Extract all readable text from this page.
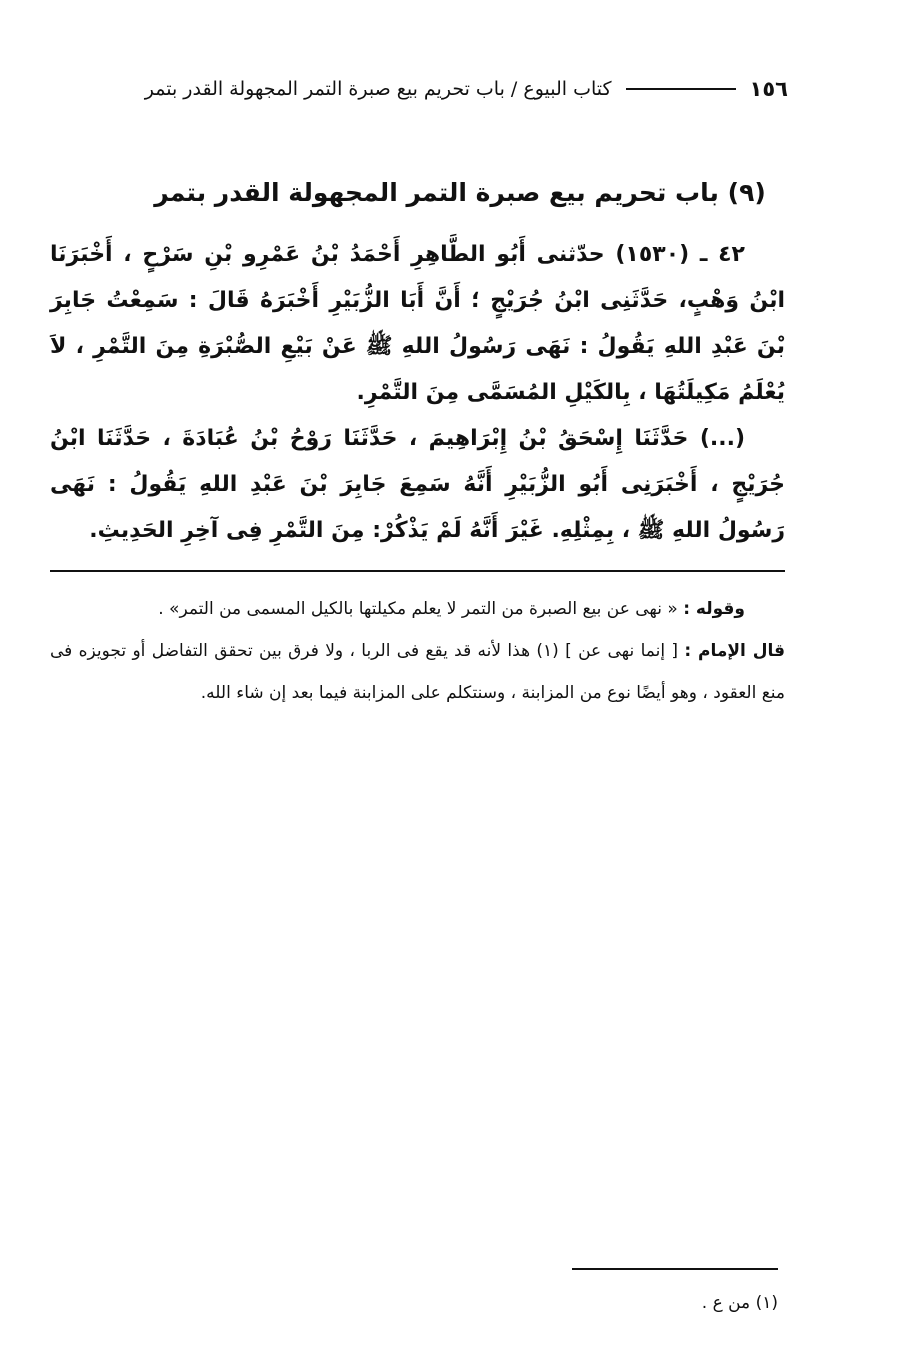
١٥٦
كتاب البيوع / باب تحريم بيع صبرة التمر المجهولة القدر بتمر
(٩) باب تحريم بيع صبرة التمر المجهولة القدر بتمر

٤٢ ـ (١٥٣٠) حدّثنى أَبُو الطَّاهِرِ أَحْمَدُ بْنُ عَمْرِو بْنِ سَرْحٍ ، أَخْبَرَنَا ابْنُ وَهْبٍ، حَدَّثَنِى ابْنُ جُرَيْجٍ ؛ أَنَّ أَبَا الزُّبَيْرِ أَخْبَرَهُ قَالَ : سَمِعْتُ جَابِرَ بْنَ عَبْدِ اللهِ يَقُولُ : نَهَى رَسُولُ اللهِ ﷺ عَنْ بَيْعِ الصُّبْرَةِ مِنَ التَّمْرِ ، لاَ يُعْلَمُ مَكِيلَتُهَا ، بِالكَيْلِ المُسَمَّى مِنَ التَّمْرِ.

(...) حَدَّثَنَا إِسْحَقُ بْنُ إِبْرَاهِيمَ ، حَدَّثَنَا رَوْحُ بْنُ عُبَادَةَ ، حَدَّثَنَا ابْنُ جُرَيْجٍ ، أَخْبَرَنِى أَبُو الزُّبَيْرِ أَنَّهُ سَمِعَ جَابِرَ بْنَ عَبْدِ اللهِ يَقُولُ : نَهَى رَسُولُ اللهِ ﷺ ، بِمِثْلِهِ. غَيْرَ أَنَّهُ لَمْ يَذْكُرْ: مِنَ التَّمْرِ فِى آخِرِ الحَدِيثِ.

وقوله : « نهى عن بيع الصبرة من التمر لا يعلم مكيلتها بالكيل المسمى من التمر» .

قال الإمام : [ إنما نهى عن ] (١) هذا لأنه قد يقع فى الربا ، ولا فرق بين تحقق التفاضل أو تجويزه فى منع العقود ، وهو أيضًا نوع من المزابنة ، وسنتكلم على المزابنة فيما بعد إن شاء الله.

(١) من ع .
